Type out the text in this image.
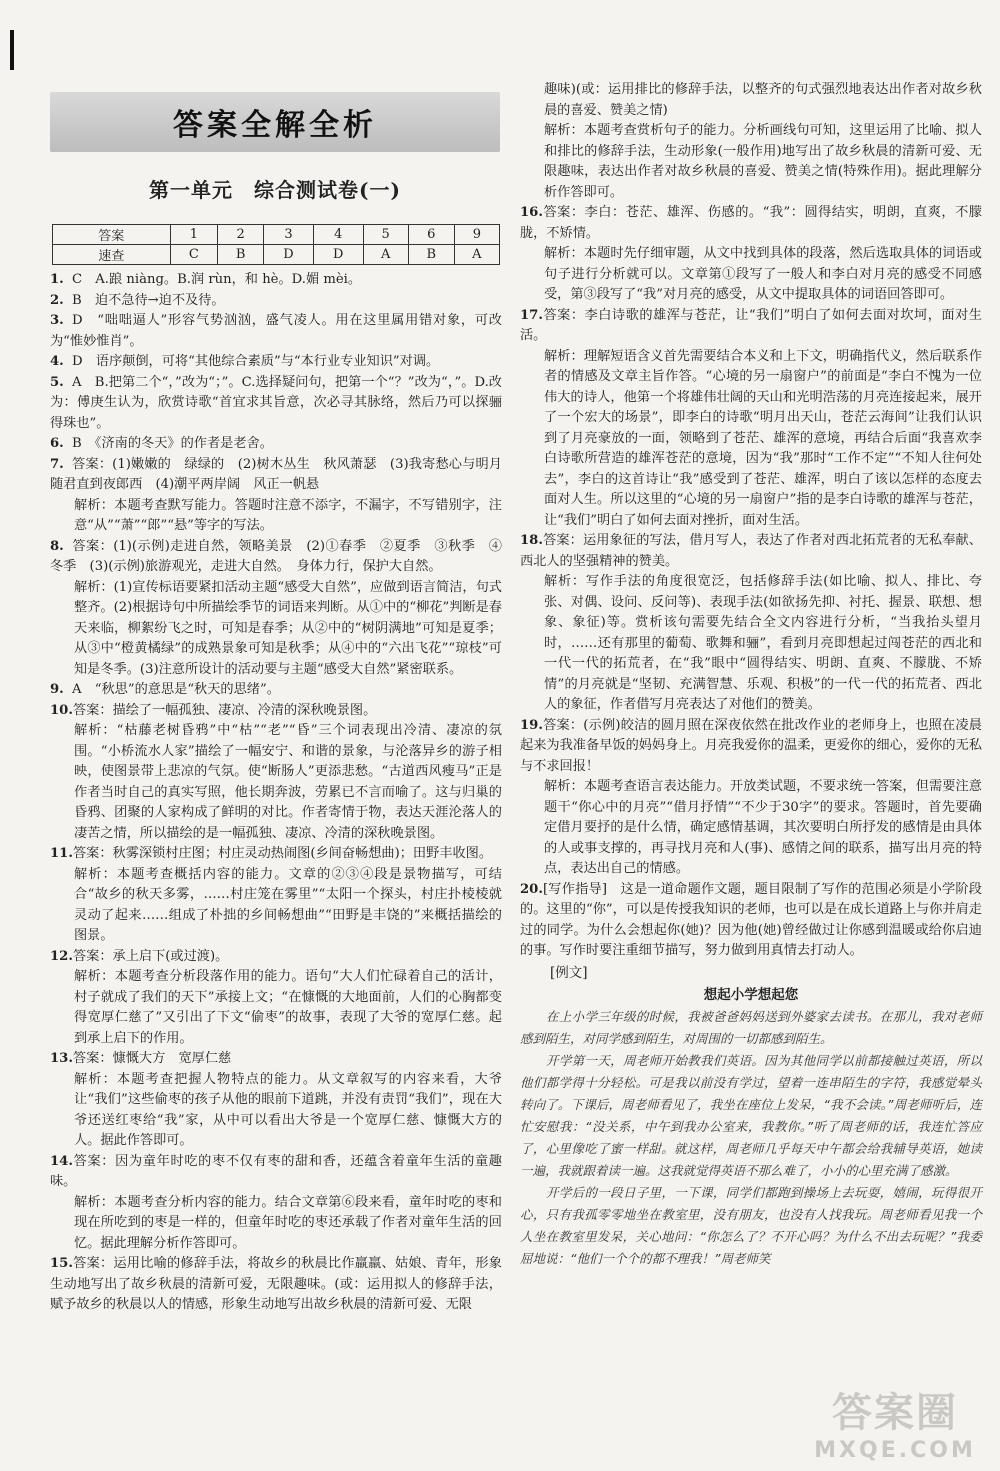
答案全解全析
第一单元　综合测试卷(一)
答案	1	2	3	4	5	6	9
速查	C	B	D	D	A	B	A

1. C　A.踉 niàng。B.润 rùn，和 hè。D.媚 mèi。

2. B　迫不急待→迫不及待。

3. D　“咄咄逼人”形容气势汹汹，盛气凌人。用在这里属用错对象，可改为“惟妙惟肖”。

4. D　语序颠倒，可将“其他综合素质”与“本行业专业知识”对调。

5. A　B.把第二个“，”改为“；”。C.选择疑问句，把第一个“？”改为“，”。D.改为：傅庚生认为，欣赏诗歌“首宜求其旨意，次必寻其脉络，然后乃可以探骊得珠也”。

6. B　《济南的冬天》的作者是老舍。

7. 答案：(1)嫩嫩的　绿绿的　(2)树木丛生　秋风萧瑟　(3)我寄愁心与明月　随君直到夜郎西　(4)潮平两岸阔　风正一帆悬

解析：本题考查默写能力。答题时注意不添字，不漏字，不写错别字，注意“从”“萧”“郎”“悬”等字的写法。

8. 答案：(1)(示例)走进自然，领略美景　(2)①春季　②夏季　③秋季　④冬季　(3)(示例)旅游观光，走进大自然。　身体力行，保护大自然。

解析：(1)宣传标语要紧扣活动主题“感受大自然”，应做到语言简洁，句式整齐。(2)根据诗句中所描绘季节的词语来判断。从①中的“柳花”判断是春天来临，柳絮纷飞之时，可知是春季；从②中的“树阴满地”可知是夏季；从③中“橙黄橘绿”的成熟景象可知是秋季；从④中的“六出飞花”“琼枝”可知是冬季。(3)注意所设计的活动要与主题“感受大自然”紧密联系。

9. A　“秋思”的意思是“秋天的思绪”。

10.答案：描绘了一幅孤独、凄凉、冷清的深秋晚景图。

解析：“枯藤老树昏鸦”中“枯”“老”“昏”三个词表现出冷清、凄凉的氛围。“小桥流水人家”描绘了一幅安宁、和谐的景象，与沦落异乡的游子相映，使图景带上悲凉的气氛。使“断肠人”更添悲愁。“古道西风瘦马”正是作者当时自己的真实写照，他长期奔波，劳累已不言而喻了。这与归巢的昏鸦、团聚的人家构成了鲜明的对比。作者寄情于物，表达天涯沦落人的凄苦之情，所以描绘的是一幅孤独、凄凉、冷清的深秋晚景图。

11.答案：秋雾深锁村庄图；村庄灵动热闹图(乡间奋畅想曲)；田野丰收图。

解析：本题考查概括内容的能力。文章的②③④段是景物描写，可结合“故乡的秋天多雾，……村庄笼在雾里”“太阳一个探头，村庄扑棱棱就灵动了起来……组成了朴拙的乡间畅想曲”“田野是丰饶的”来概括描绘的图景。

12.答案：承上启下(或过渡)。

解析：本题考查分析段落作用的能力。语句“大人们忙碌着自己的活计，村子就成了我们的天下”承接上文；“在慷慨的大地面前，人们的心胸都变得宽厚仁慈了”又引出了下文“偷枣”的故事，表现了大爷的宽厚仁慈。起到承上启下的作用。

13.答案：慷慨大方　宽厚仁慈

解析：本题考查把握人物特点的能力。从文章叙写的内容来看，大爷让“我们”这些偷枣的孩子从他的眼前下道跳，并没有责罚“我们”，现在大爷还送红枣给“我”家，从中可以看出大爷是一个宽厚仁慈、慷慨大方的人。据此作答即可。

14.答案：因为童年时吃的枣不仅有枣的甜和香，还蕴含着童年生活的童趣味。

解析：本题考查分析内容的能力。结合文章第⑥段来看，童年时吃的枣和现在所吃到的枣是一样的，但童年时吃的枣还承载了作者对童年生活的回忆。据此理解分析作答即可。

15.答案：运用比喻的修辞手法，将故乡的秋晨比作羸羸、姑娘、青年，形象生动地写出了故乡秋晨的清新可爱，无限趣味。(或：运用拟人的修辞手法，赋予故乡的秋晨以人的情感，形象生动地写出故乡秋晨的清新可爱、无限

趣味)(或：运用排比的修辞手法，以整齐的句式强烈地表达出作者对故乡秋晨的喜爱、赞美之情)

解析：本题考查赏析句子的能力。分析画线句可知，这里运用了比喻、拟人和排比的修辞手法，生动形象(一般作用)地写出了故乡秋晨的清新可爱、无限趣味，表达出作者对故乡秋晨的喜爱、赞美之情(特殊作用)。据此理解分析作答即可。

16.答案：李白：苍茫、雄浑、伤感的。“我”：圆得结实，明朗，直爽，不朦胧，不矫情。

解析：本题时先仔细审题，从文中找到具体的段落，然后选取具体的词语或句子进行分析就可以。文章第①段写了一般人和李白对月亮的感受不同感受，第③段写了“我”对月亮的感受，从文中提取具体的词语回答即可。

17.答案：李白诗歌的雄浑与苍茫，让“我们”明白了如何去面对坎坷，面对生活。

解析：理解短语含义首先需要结合本义和上下文，明确指代义，然后联系作者的情感及文章主旨作答。“心境的另一扇窗户”的前面是“李白不愧为一位伟大的诗人，他第一个将雄伟壮阔的天山和光明浩荡的月亮连接起来，展开了一个宏大的场景”，即李白的诗歌“明月出天山，苍茫云海间”让我们认识到了月亮豪放的一面，领略到了苍茫、雄浑的意境，再结合后面“我喜欢李白诗歌所营造的雄浑苍茫的意境，因为“我”那时“工作不定”“不知人往何处去”，李白的这首诗让“我”感受到了苍茫、雄浑，明白了该以怎样的态度去面对人生。所以这里的“心境的另一扇窗户”指的是李白诗歌的雄浑与苍茫，让“我们”明白了如何去面对挫折，面对生活。

18.答案：运用象征的写法，借月写人，表达了作者对西北拓荒者的无私奉献、西北人的坚强精神的赞美。

解析：写作手法的角度很宽泛，包括修辞手法(如比喻、拟人、排比、夸张、对偶、设问、反问等)、表现手法(如欲扬先抑、衬托、握景、联想、想象、象征)等。赏析该句需要先结合全文内容进行分析，“当我抬头望月时，……还有那里的葡萄、歌舞和骊”，看到月亮即想起过闯苍茫的西北和一代一代的拓荒者，在“我”眼中“圆得结实、明朗、直爽、不朦胧、不矫情”的月亮就是“坚韧、充满智慧、乐观、积极”的一代一代的拓荒者、西北人的象征，作者借写月亮表达了对他们的赞美。

19.答案：(示例)皎洁的圆月照在深夜依然在批改作业的老师身上，也照在凌晨起来为我准备早饭的妈妈身上。月亮我爱你的温柔，更爱你的细心，爱你的无私与不求回报！

解析：本题考查语言表达能力。开放类试题，不要求统一答案，但需要注意题干“你心中的月亮”“借月抒情”“不少于30字”的要求。答题时，首先要确定借月要抒的是什么情，确定感情基调，其次要明白所抒发的感情是由具体的人或事支撑的，再寻找月亮和人(事)、感情之间的联系，描写出月亮的特点，表达出自己的情感。

20.[写作指导]　这是一道命题作文题，题目限制了写作的范围必须是小学阶段的。这里的“你”，可以是传授我知识的老师，也可以是在成长道路上与你并肩走过的同学。为什么会想起你(她)？因为他(她)曾经做过让你感到温暖或给你启迪的事。写作时要注重细节描写，努力做到用真情去打动人。

[例文]
想起小学想起您

在上小学三年级的时候，我被爸爸妈妈送到外婆家去读书。在那儿，我对老师感到陌生，对同学感到陌生，对周围的一切都感到陌生。

开学第一天，周老师开始教我们英语。因为其他同学以前都接触过英语，所以他们都学得十分轻松。可是我以前没有学过，望着一连串陌生的字符，我感觉晕头转向了。下课后，周老师看见了，我坐在座位上发呆，“我不会读。”周老师听后，连忙安慰我：“没关系，中午到我办公室来，我教你。”听了周老师的话，我连忙答应了，心里像吃了蜜一样甜。就这样，周老师几乎每天中午都会给我辅导英语，她读一遍，我就跟着读一遍。这我就觉得英语不那么难了，小小的心里充满了感激。

开学后的一段日子里，一下课，同学们都跑到操场上去玩耍，嬉闹，玩得很开心，只有我孤零零地坐在教室里，没有朋友，也没有人找我玩。周老师看见我一个人坐在教室里发呆，关心地问：“你怎么了？不开心吗？为什么不出去玩呢？”我委屈地说：“他们一个个的都不理我！”周老师笑

答案圈
MXQE.COM
